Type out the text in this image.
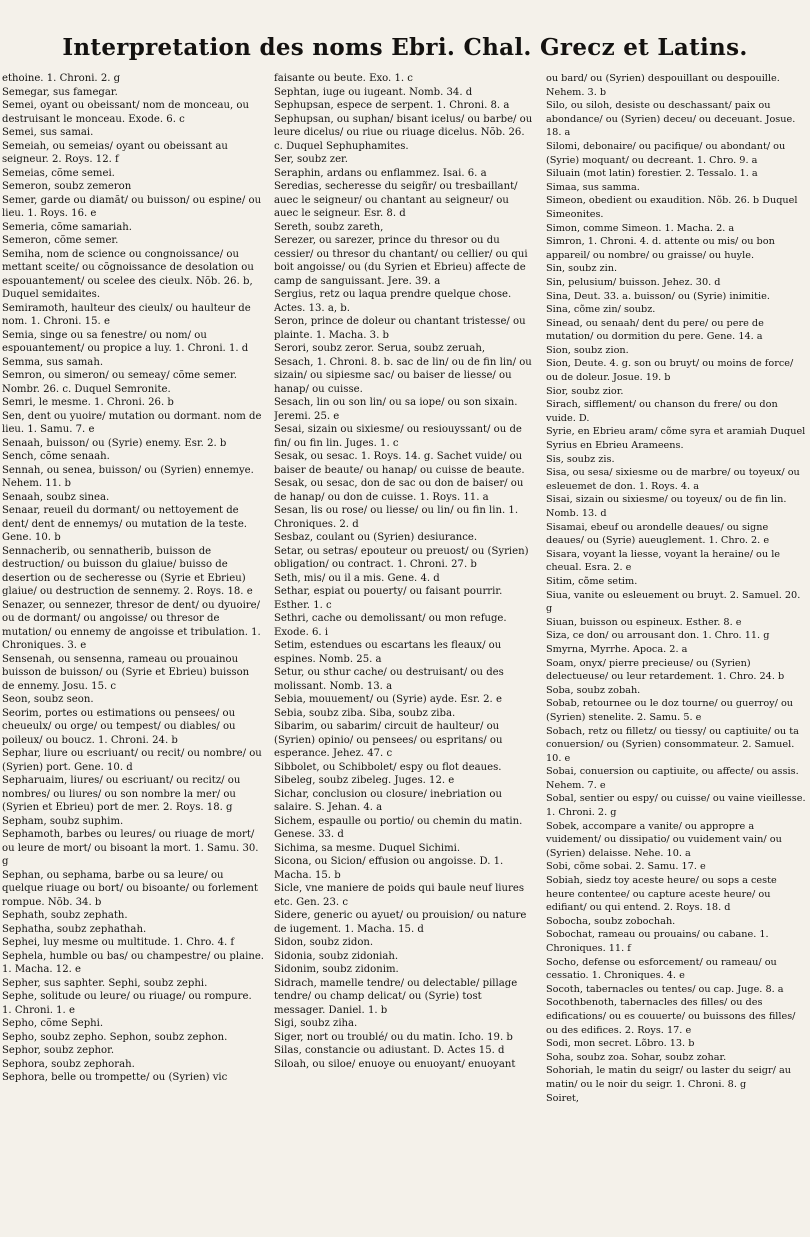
Interpretation des noms Ebri. Chal. Grecz et Latins.

ethoine. 1. Chroni. 2. g

Semegar, sus famegar.

Semei, oyant ou obeissant/ nom de monceau, ou destruisant le monceau. Exode. 6. c

Semei, sus samai.

Semeiah, ou semeias/ oyant ou obeissant au seigneur. 2. Roys. 12. f

Semeias, cõme semei.

Semeron, soubz zemeron

Semer, garde ou diamãt/ ou buisson/ ou espine/ ou lieu. 1. Roys. 16. e

Semeria, cõme samariah.

Semeron, cõme semer.

Semiha, nom de science ou congnoissance/ ou mettant sceite/ ou cõgnoissance de desolation ou espouantement/ ou scelee des cieulx. Nõb. 26. b, Duquel semidaites.

Semiramoth, haulteur des cieulx/ ou haulteur de nom. 1. Chroni. 15. e

Semia, singe ou sa fenestre/ ou nom/ ou espouantement/ ou propice a luy. 1. Chroni. 1. d

Semma, sus samah.

Semron, ou simeron/ ou semeay/ cõme semer. Nombr. 26. c. Duquel Semronite.

Semri, le mesme. 1. Chroni. 26. b

Sen, dent ou yuoire/ mutation ou dormant. nom de lieu. 1. Samu. 7. e

Senaah, buisson/ ou (Syrie) enemy. Esr. 2. b

Sench, cõme senaah.

Sennah, ou senea, buisson/ ou (Syrien) ennemye. Nehem. 11. b

Senaah, soubz sinea.

Senaar, reueil du dormant/ ou nettoyement de dent/ dent de ennemys/ ou mutation de la teste. Gene. 10. b

Sennacherib, ou sennatherib, buisson de destruction/ ou buisson du glaiue/ buisso de desertion ou de secheresse ou (Syrie et Ebrieu) glaiue/ ou destruction de sennemy. 2. Roys. 18. e

Senazer, ou sennezer, thresor de dent/ ou dyuoire/ ou de dormant/ ou angoisse/ ou thresor de mutation/ ou ennemy de angoisse et tribulation. 1. Chroniques. 3. e

Sensenah, ou sensenna, rameau ou prouainou buisson de buisson/ ou (Syrie et Ebrieu) buisson de ennemy. Josu. 15. c

Seon, soubz seon.

Seorim, portes ou estimations ou pensees/ ou cheueulx/ ou orge/ ou tempest/ ou diables/ ou poileux/ ou boucz. 1. Chroni. 24. b

Sephar, liure ou escriuant/ ou recit/ ou nombre/ ou (Syrien) port. Gene. 10. d

Sepharuaim, liures/ ou escriuant/ ou recitz/ ou nombres/ ou liures/ ou son nombre la mer/ ou (Syrien et Ebrieu) port de mer. 2. Roys. 18. g

Sepham, soubz suphim.

Sephamoth, barbes ou leures/ ou riuage de mort/ ou leure de mort/ ou bisoant la mort. 1. Samu. 30. g

Sephan, ou sephama, barbe ou sa leure/ ou quelque riuage ou bort/ ou bisoante/ ou forlement rompue. Nõb. 34. b

Sephath, soubz zephath.

Sephatha, soubz zephathah.

Sephei, luy mesme ou multitude. 1. Chro. 4. f

Sephela, humble ou bas/ ou champestre/ ou plaine. 1. Macha. 12. e

Sepher, sus saphter. Sephi, soubz zephi.

Sephe, solitude ou leure/ ou riuage/ ou rompure. 1. Chroni. 1. e

Sepho, cõme Sephi.

Sepho, soubz zepho. Sephon, soubz zephon.

Sephor, soubz zephor.

Sephora, soubz zephorah.

Sephora, belle ou trompette/ ou (Syrien) vic

faisante ou beute. Exo. 1. c

Sephtan, iuge ou iugeant. Nomb. 34. d

Sephupsan, espece de serpent. 1. Chroni. 8. a

Sephupsan, ou suphan/ bisant icelus/ ou barbe/ ou leure dicelus/ ou riue ou riuage dicelus. Nõb. 26. c. Duquel Sephuphamites.

Ser, soubz zer.

Seraphin, ardans ou enflammez. Isai. 6. a

Seredias, secheresse du seigñr/ ou tresbaillant/ auec le seigneur/ ou chantant au seigneur/ ou auec le seigneur. Esr. 8. d

Sereth, soubz zareth,

Serezer, ou sarezer, prince du thresor ou du cessier/ ou thresor du chantant/ ou cellier/ ou qui boit angoisse/ ou (du Syrien et Ebrieu) affecte de camp de sanguissant. Jere. 39. a

Sergius, retz ou laqua prendre quelque chose. Actes. 13. a, b.

Seron, prince de doleur ou chantant tristesse/ ou plainte. 1. Macha. 3. b

Serori, soubz zeror. Serua, soubz zeruah,

Sesach, 1. Chroni. 8. b. sac de lin/ ou de fin lin/ ou sizain/ ou sipiesme sac/ ou baiser de liesse/ ou hanap/ ou cuisse.

Sesach, lin ou son lin/ ou sa iope/ ou son sixain. Jeremi. 25. e

Sesai, sizain ou sixiesme/ ou resiouyssant/ ou de fin/ ou fin lin. Juges. 1. c

Sesak, ou sesac. 1. Roys. 14. g. Sachet vuide/ ou baiser de beaute/ ou hanap/ ou cuisse de beaute.

Sesak, ou sesac, don de sac ou don de baiser/ ou de hanap/ ou don de cuisse. 1. Roys. 11. a

Sesan, lis ou rose/ ou liesse/ ou lin/ ou fin lin. 1. Chroniques. 2. d

Sesbaz, coulant ou (Syrien) desiurance.

Setar, ou setras/ epouteur ou preuost/ ou (Syrien) obligation/ ou contract. 1. Chroni. 27. b

Seth, mis/ ou il a mis. Gene. 4. d

Sethar, espiat ou pouerty/ ou faisant pourrir. Esther. 1. c

Sethri, cache ou demolissant/ ou mon refuge. Exode. 6. i

Setim, estendues ou escartans les fleaux/ ou espines. Nomb. 25. a

Setur, ou sthur cache/ ou destruisant/ ou des molissant. Nomb. 13. a

Sebia, mouuement/ ou (Syrie) ayde. Esr. 2. e

Sebia, soubz ziba. Siba, soubz ziba.

Sibarim, ou sabarim/ circuit de haulteur/ ou (Syrien) opinio/ ou pensees/ ou espritans/ ou esperance. Jehez. 47. c

Sibbolet, ou Schibbolet/ espy ou flot deaues.

Sibeleg, soubz zibeleg. Juges. 12. e

Sichar, conclusion ou closure/ inebriation ou salaire. S. Jehan. 4. a

Sichem, espaulle ou portio/ ou chemin du matin. Genese. 33. d

Sichima, sa mesme. Duquel Sichimi.

Sicona, ou Sicion/ effusion ou angoisse. D. 1. Macha. 15. b

Sicle, vne maniere de poids qui baule neuf liures etc. Gen. 23. c

Sidere, generic ou ayuet/ ou prouision/ ou nature de iugement. 1. Macha. 15. d

Sidon, soubz zidon.

Sidonia, soubz zidoniah.

Sidonim, soubz zidonim.

Sidrach, mamelle tendre/ ou delectable/ pillage tendre/ ou champ delicat/ ou (Syrie) tost messager. Daniel. 1. b

Sigi, soubz ziha.

Siger, nort ou troublé/ ou du matin. Icho. 19. b

Silas, constancie ou adiustant. D. Actes 15. d

Siloah, ou siloe/ enuoye ou enuoyant/ enuoyant

ou bard/ ou (Syrien) despouillant ou despouille. Nehem. 3. b

Silo, ou siloh, desiste ou deschassant/ paix ou abondance/ ou (Syrien) deceu/ ou deceuant. Josue. 18. a

Silomi, debonaire/ ou pacifique/ ou abondant/ ou (Syrie) moquant/ ou decreant. 1. Chro. 9. a

Siluain (mot latin) forestier. 2. Tessalo. 1. a

Simaa, sus samma.

Simeon, obedient ou exaudition. Nõb. 26. b Duquel Simeonites.

Simon, comme Simeon. 1. Macha. 2. a

Simron, 1. Chroni. 4. d. attente ou mis/ ou bon appareil/ ou nombre/ ou graisse/ ou huyle.

Sin, soubz zin.

Sin, pelusium/ buisson. Jehez. 30. d

Sina, Deut. 33. a. buisson/ ou (Syrie) inimitie.

Sina, cõme zin/ soubz.

Sinead, ou senaah/ dent du pere/ ou pere de mutation/ ou dormition du pere. Gene. 14. a

Sion, soubz zion.

Sion, Deute. 4. g. son ou bruyt/ ou moins de force/ ou de doleur. Josue. 19. b

Sior, soubz zior.

Sirach, sifflement/ ou chanson du frere/ ou don vuide. D.

Syrie, en Ebrieu aram/ cõme syra et aramiah Duquel Syrius en Ebrieu Arameens.

Sis, soubz zis.

Sisa, ou sesa/ sixiesme ou de marbre/ ou toyeux/ ou esleuemet de don. 1. Roys. 4. a

Sisai, sizain ou sixiesme/ ou toyeux/ ou de fin lin. Nomb. 13. d

Sisamai, ebeuf ou arondelle deaues/ ou signe deaues/ ou (Syrie) aueuglement. 1. Chro. 2. e

Sisara, voyant la liesse, voyant la heraine/ ou le cheual. Esra. 2. e

Sitim, cõme setim.

Siua, vanite ou esleuement ou bruyt. 2. Samuel. 20. g

Siuan, buisson ou espineux. Esther. 8. e

Siza, ce don/ ou arrousant don. 1. Chro. 11. g

Smyrna, Myrrhe. Apoca. 2. a

Soam, onyx/ pierre precieuse/ ou (Syrien) delectueuse/ ou leur retardement. 1. Chro. 24. b

Soba, soubz zobah.

Sobab, retournee ou le doz tourne/ ou guerroy/ ou (Syrien) stenelite. 2. Samu. 5. e

Sobach, retz ou filletz/ ou tiessy/ ou captiuite/ ou ta conuersion/ ou (Syrien) consommateur. 2. Samuel. 10. e

Sobai, conuersion ou captiuite, ou affecte/ ou assis. Nehem. 7. e

Sobal, sentier ou espy/ ou cuisse/ ou vaine vieillesse. 1. Chroni. 2. g

Sobek, accompare a vanite/ ou appropre a vuidement/ ou dissipatio/ ou vuidement vain/ ou (Syrien) delaisse. Nehe. 10. a

Sobi, cõme sobai. 2. Samu. 17. e

Sobiah, siedz toy aceste heure/ ou sops a ceste heure contentee/ ou capture aceste heure/ ou edifiant/ ou qui entend. 2. Roys. 18. d

Sobocha, soubz zobochah.

Sobochat, rameau ou prouains/ ou cabane. 1. Chroniques. 11. f

Socho, defense ou esforcement/ ou rameau/ ou cessatio. 1. Chroniques. 4. e

Socoth, tabernacles ou tentes/ ou cap. Juge. 8. a

Socothbenoth, tabernacles des filles/ ou des edifications/ ou es couuerte/ ou buissons des filles/ ou des edifices. 2. Roys. 17. e

Sodi, mon secret. Lõbro. 13. b

Soha, soubz zoa. Sohar, soubz zohar.

Sohoriah, le matin du seigr/ ou laster du seigr/ au matin/ ou le noir du seigr. 1. Chroni. 8. g

Soiret,
